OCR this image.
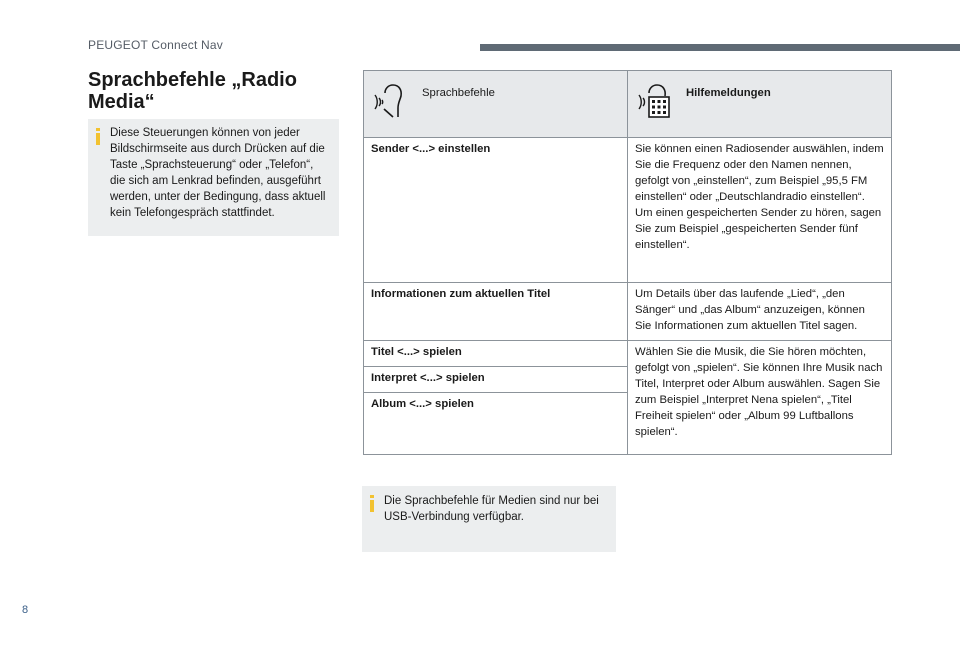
PEUGEOT Connect Nav
Sprachbefehle „Radio Media“
Diese Steuerungen können von jeder Bildschirmseite aus durch Drücken auf die Taste „Sprachsteuerung“ oder „Telefon“, die sich am Lenkrad befinden, ausgeführt werden, unter der Bedingung, dass aktuell kein Telefongespräch stattfindet.
Sprachbefehle	Hilfemeldungen

Sender <...> einstellen	Sie können einen Radiosender auswählen, indem Sie die Frequenz oder den Namen nennen, gefolgt von „einstellen“, zum Beispiel „95,5 FM einstellen“ oder „Deutschlandradio einstellen“. Um einen gespeicherten Sender zu hören, sagen Sie zum Beispiel „gespeicherten Sender fünf einstellen“.
Informationen zum aktuellen Titel	Um Details über das laufende „Lied“, „den Sänger“ und „das Album“ anzuzeigen, können Sie Informationen zum aktuellen Titel sagen.
Titel <...> spielen	Wählen Sie die Musik, die Sie hören möchten, gefolgt von „spielen“. Sie können Ihre Musik nach Titel, Interpret oder Album auswählen. Sagen Sie zum Beispiel „Interpret Nena spielen“, „Titel Freiheit spielen“ oder „Album 99 Luftballons spielen“.
Interpret <...> spielen	
Album <...> spielen	
Die Sprachbefehle für Medien sind nur bei USB-Verbindung verfügbar.
8
